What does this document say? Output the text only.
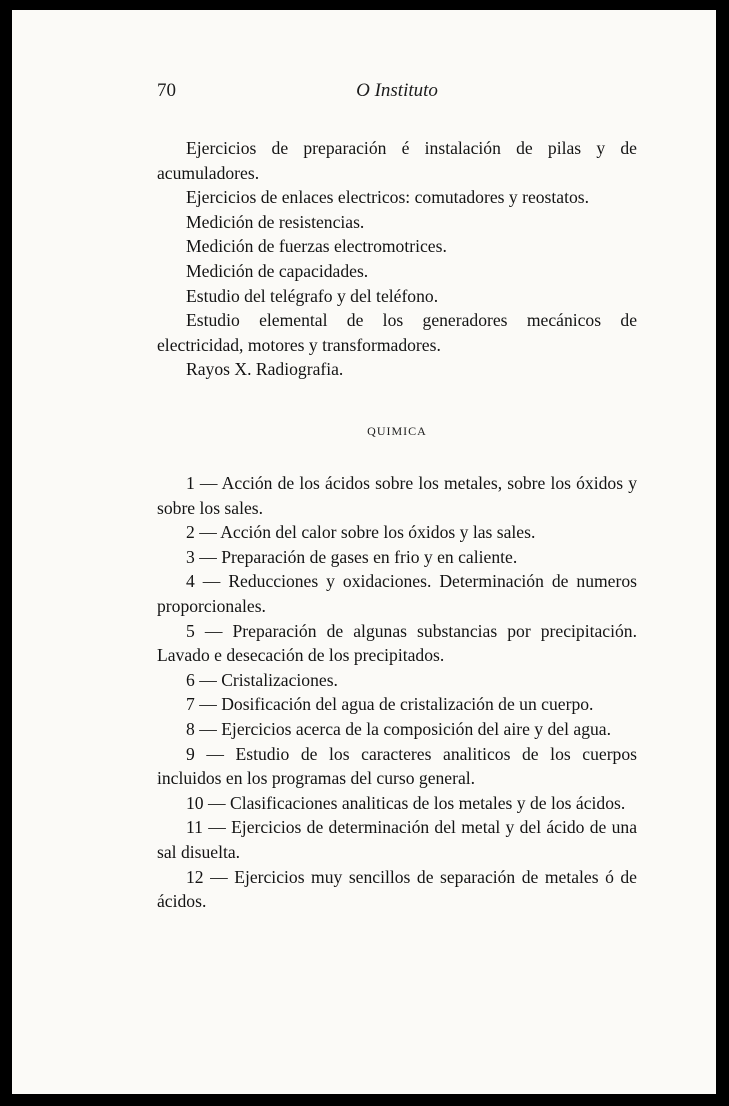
70	O Instituto

Ejercicios de preparación é instalación de pilas y de acumuladores.

Ejercicios de enlaces electricos: comutadores y reostatos.

Medición de resistencias.

Medición de fuerzas electromotrices.

Medición de capacidades.

Estudio del telégrafo y del teléfono.

Estudio elemental de los generadores mecánicos de electricidad, motores y transformadores.

Rayos X. Radiografia.

QUIMICA

1 — Acción de los ácidos sobre los metales, sobre los óxidos y sobre los sales.

2 — Acción del calor sobre los óxidos y las sales.

3 — Preparación de gases en frio y en caliente.

4 — Reducciones y oxidaciones. Determinación de numeros proporcionales.

5 — Preparación de algunas substancias por precipitación. Lavado e desecación de los precipitados.

6 — Cristalizaciones.

7 — Dosificación del agua de cristalización de un cuerpo.

8 — Ejercicios acerca de la composición del aire y del agua.

9 — Estudio de los caracteres analiticos de los cuerpos incluidos en los programas del curso general.

10 — Clasificaciones analiticas de los metales y de los ácidos.

11 — Ejercicios de determinación del metal y del ácido de una sal disuelta.

12 — Ejercicios muy sencillos de separación de metales ó de ácidos.
